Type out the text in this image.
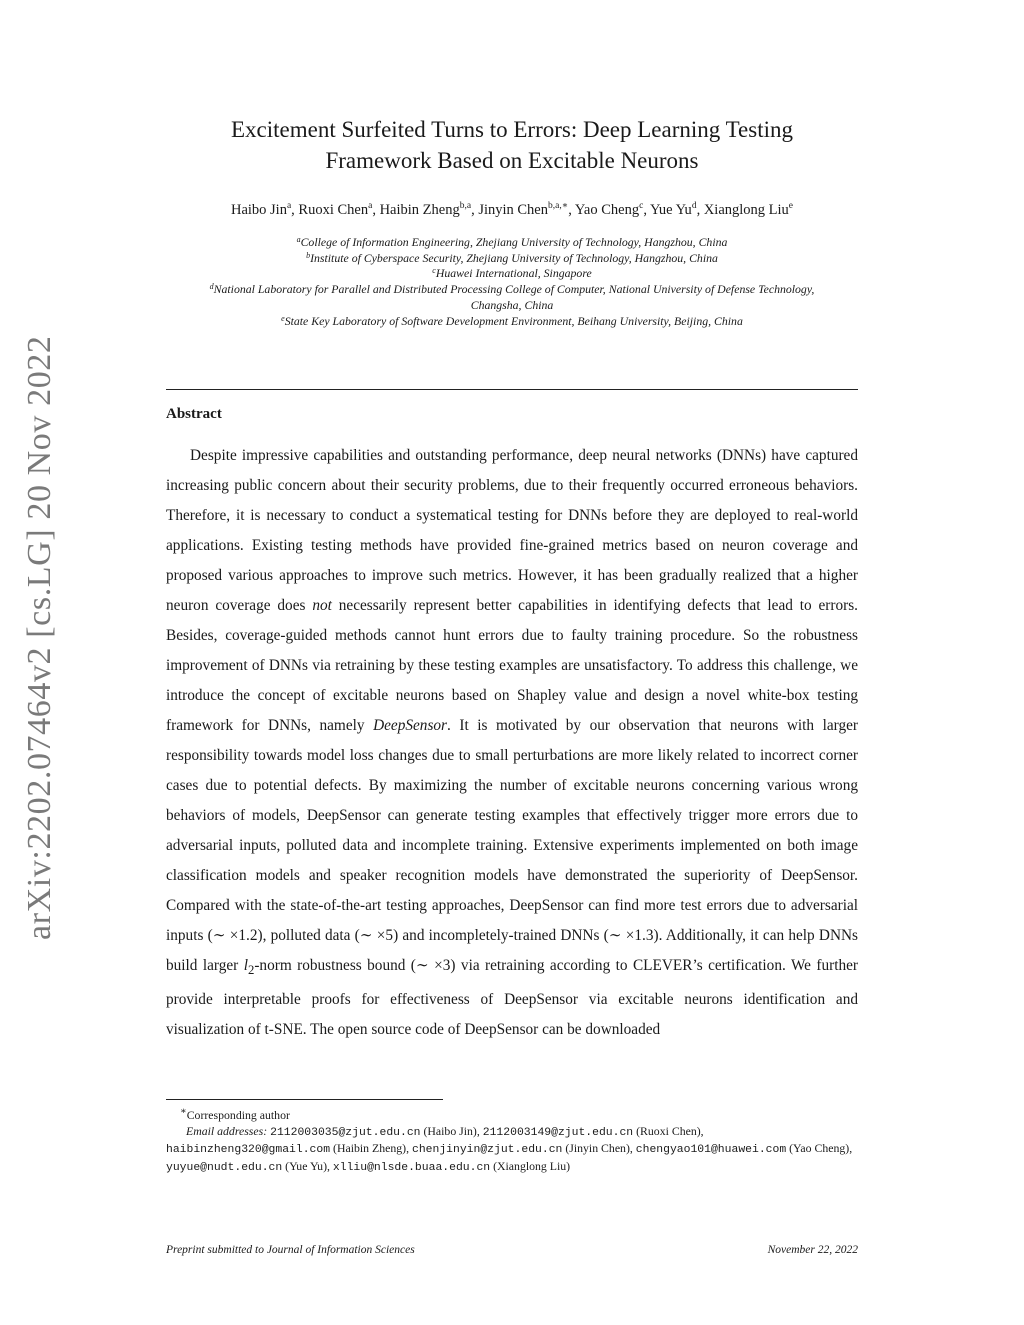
arXiv:2202.07464v2 [cs.LG] 20 Nov 2022
Excitement Surfeited Turns to Errors: Deep Learning Testing
Framework Based on Excitable Neurons
Haibo Jin$^a$, Ruoxi Chen$^a$, Haibin Zheng$^{b,a}$, Jinyin Chen$^{b,a,∗}$, Yao Cheng$^c$, Yue Yu$^d$, Xianglong Liu$^e$
$^a$College of Information Engineering, Zhejiang University of Technology, Hangzhou, China
$^b$Institute of Cyberspace Security, Zhejiang University of Technology, Hangzhou, China
$^c$Huawei International, Singapore
$^d$National Laboratory for Parallel and Distributed Processing College of Computer, National University of Defense Technology,
Changsha, China
$^e$State Key Laboratory of Software Development Environment, Beihang University, Beijing, China
Abstract
Despite impressive capabilities and outstanding performance, deep neural networks (DNNs) have captured increasing public concern about their security problems, due to their frequently occurred erroneous behaviors. Therefore, it is necessary to conduct a systematical testing for DNNs before they are deployed to real-world applications. Existing testing methods have provided fine-grained metrics based on neuron coverage and proposed various approaches to improve such metrics. However, it has been gradually realized that a higher neuron coverage does not necessarily represent better capabilities in identifying defects that lead to errors. Besides, coverage-guided methods cannot hunt errors due to faulty training procedure. So the robustness improvement of DNNs via retraining by these testing examples are unsatisfactory. To address this challenge, we introduce the concept of excitable neurons based on Shapley value and design a novel white-box testing framework for DNNs, namely DeepSensor. It is motivated by our observation that neurons with larger responsibility towards model loss changes due to small perturbations are more likely related to incorrect corner cases due to potential defects. By maximizing the number of excitable neurons concerning various wrong behaviors of models, DeepSensor can generate testing examples that effectively trigger more errors due to adversarial inputs, polluted data and incomplete training. Extensive experiments implemented on both image classification models and speaker recognition models have demonstrated the superiority of DeepSensor. Compared with the state-of-the-art testing approaches, DeepSensor can find more test errors due to adversarial inputs (∼ ×1.2), polluted data (∼ ×5) and incompletely-trained DNNs (∼ ×1.3). Additionally, it can help DNNs build larger $l_2$-norm robustness bound (∼ ×3) via retraining according to CLEVER’s certification. We further provide interpretable proofs for effectiveness of DeepSensor via excitable neurons identification and visualization of t-SNE. The open source code of DeepSensor can be downloaded
∗Corresponding author
Email addresses: 2112003035@zjut.edu.cn (Haibo Jin), 2112003149@zjut.edu.cn (Ruoxi Chen), haibinzheng320@gmail.com (Haibin Zheng), chenjinyin@zjut.edu.cn (Jinyin Chen), chengyao101@huawei.com (Yao Cheng), yuyue@nudt.edu.cn (Yue Yu), xlliu@nlsde.buaa.edu.cn (Xianglong Liu)
Preprint submitted to Journal of Information Sciences	November 22, 2022
